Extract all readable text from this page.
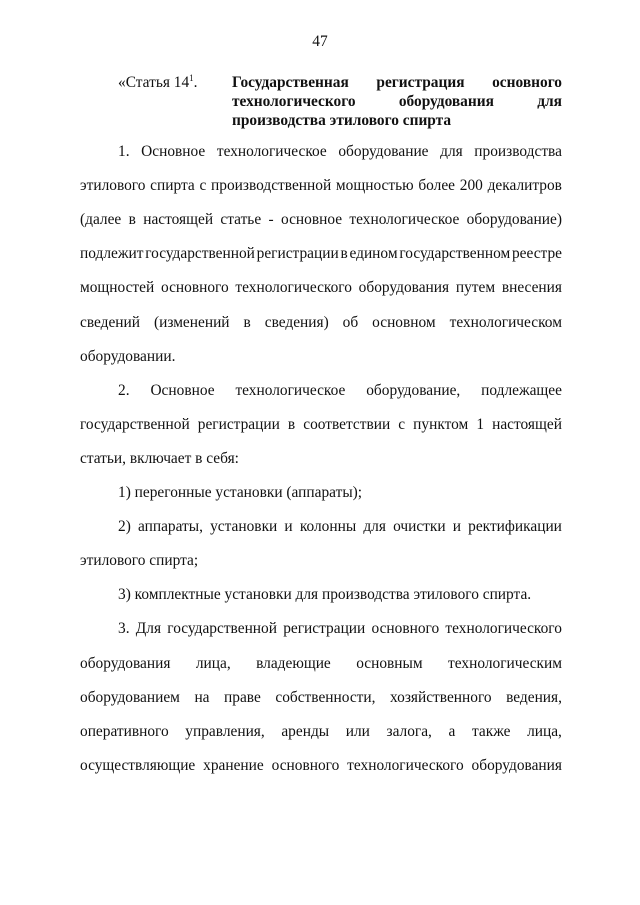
47
«Статья $14^1$. Государственная регистрация основного
технологического	оборудования	для
производства этилового спирта
1. Основное технологическое оборудование для производства
этилового спирта с производственной мощностью более 200 декалитров
(далее в настоящей статье - основное технологическое оборудование)
подлежит государственной регистрации в едином государственном реестре
мощностей основного технологического оборудования путем внесения
сведений (изменений в сведения) об основном технологическом
оборудовании.
2. Основное технологическое оборудование, подлежащее
государственной регистрации в соответствии с пунктом 1 настоящей
статьи, включает в себя:
1) перегонные установки (аппараты);
2) аппараты, установки и колонны для очистки и ректификации
этилового спирта;
3) комплектные установки для производства этилового спирта.
3. Для государственной регистрации основного технологического
оборудования лица, владеющие основным технологическим
оборудованием на праве собственности, хозяйственного ведения,
оперативного управления, аренды или залога, а также лица,
осуществляющие хранение основного технологического оборудования
